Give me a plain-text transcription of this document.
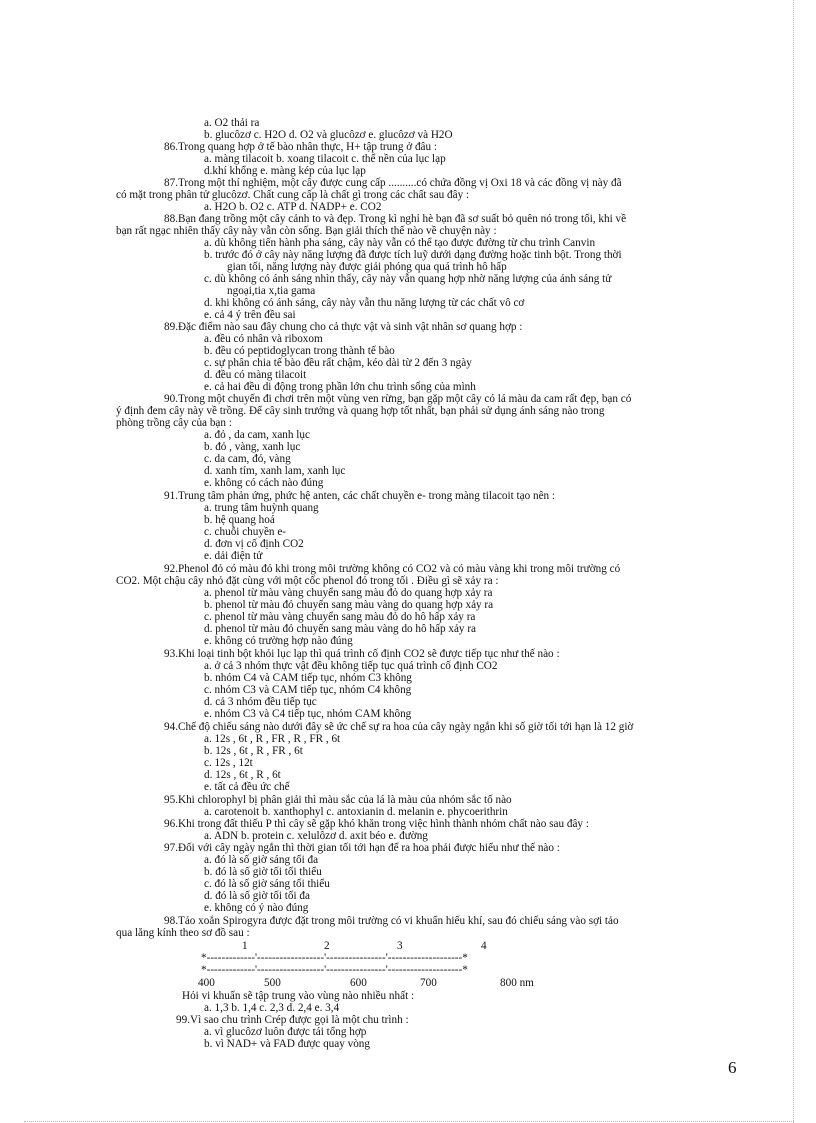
a. O2 thải ra
b. glucôzơ c. H2O d. O2 và glucôzơ e. glucôzơ và H2O
86.Trong quang hợp ở tế bào nhân thực, H+ tập trung ở đâu :
a. màng tilacoit b. xoang tilacoit c. thể nền của lục lạp
d.khí khổng e. màng kép của lục lạp
87.Trong một thí nghiệm, một cây được cung cấp ..........có chứa đồng vị Oxi 18 và các đồng vị này đã
có mặt trong phân tử glucôzơ. Chất cung cấp là chất gì trong các chất sau đây :
a. H2O b. O2 c. ATP d. NADP+ e. CO2
88.Bạn đang trồng một cây cảnh to và đẹp. Trong kì nghỉ hè bạn đã sơ suất bỏ quên nó trong tối, khi về
bạn rất ngạc nhiên thấy cây này vẫn còn sống. Bạn giải thích thế nào về chuyện này :
a. dù không tiến hành pha sáng, cây này vẫn có thể tạo được đường từ chu trình Canvin
b. trước đó ở cây này năng lượng đã được tích luỹ dưới dạng đường hoặc tinh bột. Trong thời
gian tối, năng lượng này được giải phóng qua quá trình hô hấp
c. dù không có ánh sáng nhìn thấy, cây này vẫn quang hợp nhờ năng lượng của ánh sáng tử
ngoại,tia x,tia gama
d. khi không có ánh sáng, cây này vẫn thu năng lượng từ các chất vô cơ
e. cả 4 ý trên đều sai
89.Đặc điểm nào sau đây chung cho cả thực vật và sinh vật nhân sơ quang hợp :
a. đều có nhân và riboxom
b. đều có peptidoglycan trong thành tế bào
c. sự phân chia tế bào đều rất chậm, kéo dài từ 2 đến 3 ngày
d. đều có màng tilacoit
e. cả hai đều di động trong phần lớn chu trình sống của mình
90.Trong một chuyến đi chơi trên một vùng ven rừng, bạn gặp một cây có lá màu da cam rất đẹp, bạn có
ý định đem cây này về trồng. Để cây sinh trưởng và quang hợp tốt nhất, bạn phải sử dụng ánh sáng nào trong
phòng trồng cây của bạn :
a. đỏ , da cam, xanh lục
b. đỏ , vàng, xanh lục
c. da cam, đỏ, vàng
d. xanh tím, xanh lam, xanh lục
e. không có cách nào đúng
91.Trung tâm phản ứng, phức hệ anten, các chất chuyền e- trong màng tilacoit tạo nên :
a. trung tâm huỳnh quang
b. hệ quang hoá
c. chuỗi chuyền e-
d. đơn vị cố định CO2
e. dải điện tử
92.Phenol đỏ có màu đỏ khi trong môi trường không có CO2 và có màu vàng khi trong môi trường có
CO2. Một chậu cây nhỏ đặt cùng với một cốc phenol đỏ trong tối . Điều gì sẽ xảy ra :
a. phenol từ màu vàng chuyển sang màu đỏ do quang hợp xảy ra
b. phenol từ màu đỏ chuyển sang màu vàng do quang hợp xảy ra
c. phenol từ màu vàng chuyển sang màu đỏ do hô hấp xảy ra
d. phenol từ màu đỏ chuyển sang màu vàng do hô hấp xảy ra
e. không có trường hợp nào đúng
93.Khi loại tinh bột khỏi lục lạp thì quá trình cố định CO2 sẽ được tiếp tục như thế nào :
a. ở cả 3 nhóm thực vật đều không tiếp tục quá trình cố định CO2
b. nhóm C4 và CAM tiếp tục, nhóm C3 không
c. nhóm C3 và CAM tiếp tục, nhóm C4 không
d. cả 3 nhóm đều tiếp tục
e. nhóm C3 và C4 tiếp tục, nhóm CAM không
94.Chế độ chiếu sáng nào dưới đây sẽ ức chế sự ra hoa của cây ngày ngắn khi số giờ tối tới hạn là 12 giờ
a. 12s , 6t , R , FR , R , FR , 6t
b. 12s , 6t , R , FR , 6t
c. 12s , 12t
d. 12s , 6t , R , 6t
e. tất cả đều ức chế
95.Khi chlorophyl bị phân giải thì màu sắc của lá là màu của nhóm sắc tố nào
a. carotenoit b. xanthophyl c. antoxianin d. melanin e. phycoerithrin
96.Khi trong đất thiếu P thì cây sẽ gặp khó khăn trong việc hình thành nhóm chất nào sau đây :
a. ADN b. protein c. xelulôzơ d. axit béo e. đường
97.Đối với cây ngày ngắn thì thời gian tối tới hạn để ra hoa phải được hiểu như thế nào :
a. đó là số giờ sáng tối đa
b. đó là số giờ tối tối thiểu
c. đó là số giờ sáng tối thiểu
d. đó là số giờ tối tối đa
e. không có ý nào đúng
98.Tảo xoắn Spirogyra được đặt trong môi trường có vi khuẩn hiếu khí, sau đó chiếu sáng vào sợi tảo
qua lăng kính theo sơ đồ sau :
1	2	3	4
*-------------'------------------'----------------'--------------------*
*-------------'------------------'----------------'--------------------*
400	500	600	700	800 nm
Hỏi vi khuẩn sẽ tập trung vào vùng nào nhiều nhất :
a. 1,3 b. 1,4 c. 2,3 d. 2,4 e. 3,4
99.Vì sao chu trình Crép được gọi là một chu trình :
a. vì glucôzơ luôn được tái tổng hợp
b. vì NAD+ và FAD được quay vòng
6
